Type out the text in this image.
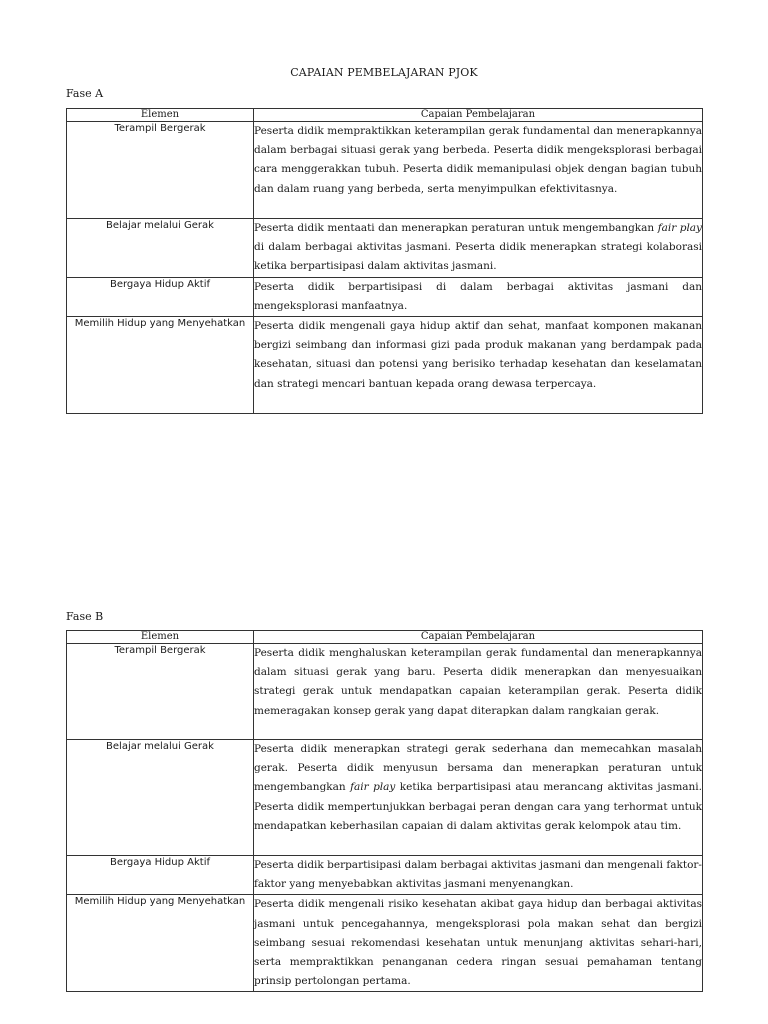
CAPAIAN PEMBELAJARAN PJOK
Fase A
Elemen	Capaian Pembelajaran
Terampil Bergerak	Peserta didik mempraktikkan keterampilan gerak fundamental dan menerapkannya dalam berbagai situasi gerak yang berbeda. Peserta didik mengeksplorasi berbagai cara menggerakkan tubuh. Peserta didik memanipulasi objek dengan bagian tubuh dan dalam ruang yang berbeda, serta menyimpulkan efektivitasnya.
Belajar melalui Gerak	Peserta didik mentaati dan menerapkan peraturan untuk mengembangkan fair play di dalam berbagai aktivitas jasmani. Peserta didik menerapkan strategi kolaborasi ketika berpartisipasi dalam aktivitas jasmani.
Bergaya Hidup Aktif	Peserta didik berpartisipasi di dalam berbagai aktivitas jasmani dan mengeksplorasi manfaatnya.
Memilih Hidup yang Menyehatkan	Peserta didik mengenali gaya hidup aktif dan sehat, manfaat komponen makanan bergizi seimbang dan informasi gizi pada produk makanan yang berdampak pada kesehatan, situasi dan potensi yang berisiko terhadap kesehatan dan keselamatan dan strategi mencari bantuan kepada orang dewasa terpercaya.
Fase B
Elemen	Capaian Pembelajaran
Terampil Bergerak	Peserta didik menghaluskan keterampilan gerak fundamental dan menerapkannya dalam situasi gerak yang baru. Peserta didik menerapkan dan menyesuaikan strategi gerak untuk mendapatkan capaian keterampilan gerak. Peserta didik memeragakan konsep gerak yang dapat diterapkan dalam rangkaian gerak.
Belajar melalui Gerak	Peserta didik menerapkan strategi gerak sederhana dan memecahkan masalah gerak. Peserta didik menyusun bersama dan menerapkan peraturan untuk mengembangkan fair play ketika berpartisipasi atau merancang aktivitas jasmani. Peserta didik mempertunjukkan berbagai peran dengan cara yang terhormat untuk mendapatkan keberhasilan capaian di dalam aktivitas gerak kelompok atau tim.
Bergaya Hidup Aktif	Peserta didik berpartisipasi dalam berbagai aktivitas jasmani dan mengenali faktor-faktor yang menyebabkan aktivitas jasmani menyenangkan.
Memilih Hidup yang Menyehatkan	Peserta didik mengenali risiko kesehatan akibat gaya hidup dan berbagai aktivitas jasmani untuk pencegahannya, mengeksplorasi pola makan sehat dan bergizi seimbang sesuai rekomendasi kesehatan untuk menunjang aktivitas sehari-hari, serta mempraktikkan penanganan cedera ringan sesuai pemahaman tentang prinsip pertolongan pertama.
